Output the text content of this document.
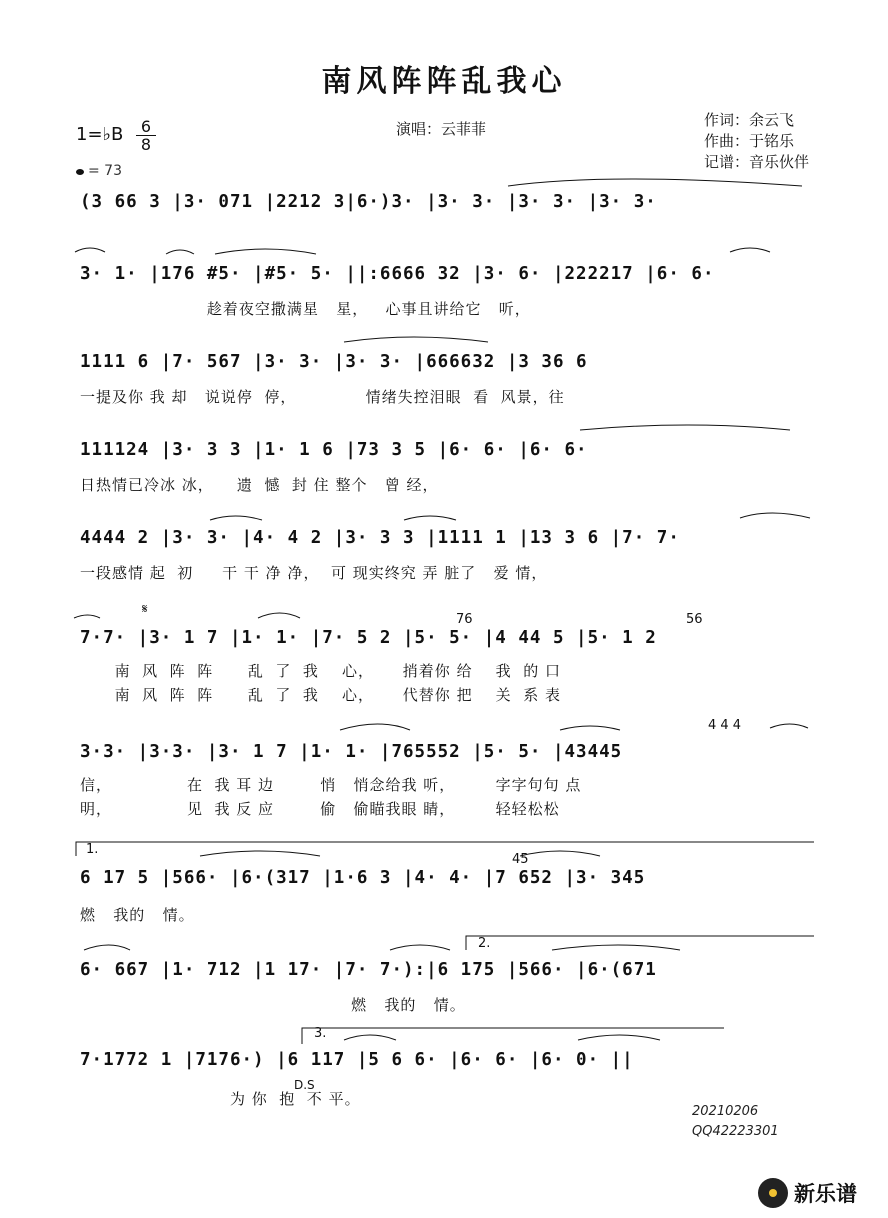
南风阵阵乱我心
1=♭B	6
8
= 73
演唱：云菲菲	作词：余云飞
作曲：于铭乐
记谱：音乐伙伴
(3 66 3 |3· 071 |2212 3|6·)3· |3· 3· |3· 3· |3· 3·
3· 1· |176 #5· |#5· 5· ||:6666 32 |3· 6· |222217 |6· 6·
趁着夜空撒满星   星，   心事且讲给它   听，
1111 6 |7· 567 |3· 3· |3· 3· |666632 |3 36 6
一提及你 我 却   说说停  停，            情绪失控泪眼  看  风景，往
111124 |3· 3 3 |1· 1 6 |73 3 5 |6· 6· |6· 6·
日热情已冷冰 冰，    遗  憾  封 住 整个   曾 经，
4444 2 |3· 3· |4· 4 2 |3· 3 3 |1111 1 |13 3 6 |7· 7·
一段感情 起  初     干 干 净 净，  可 现实终究 弄 脏了   爱 情，
𝄋
76	56
7·7· |3· 1 7 |1· 1· |7· 5 2 |5· 5· |4 44 5 |5· 1 2
南  风  阵  阵      乱  了  我    心，     捎着你 给    我  的 口
南  风  阵  阵      乱  了  我    心，     代替你 把    关  系 表
4 4 4
3·3· |3·3· |3· 1 7 |1· 1· |765552 |5· 5· |43445
信，             在  我 耳 边        悄   悄念给我 听，       字字句句 点
明，             见  我 反 应        偷   偷瞄我眼 睛，       轻轻松松
1.
45
6 17 5 |566· |6·(317 |1·6 3 |4· 4· |7 652 |3· 345
燃   我的   情。
2.
6· 667 |1· 712 |1 17· |7· 7·):|6 175 |566· |6·(671
燃   我的   情。
3.
7·1772 1 |7176·) |6 117 |5 6 6· |6· 6· |6· 0· ||
D.S
为 你  抱  不 平。
20210206
QQ42223301
新乐谱
